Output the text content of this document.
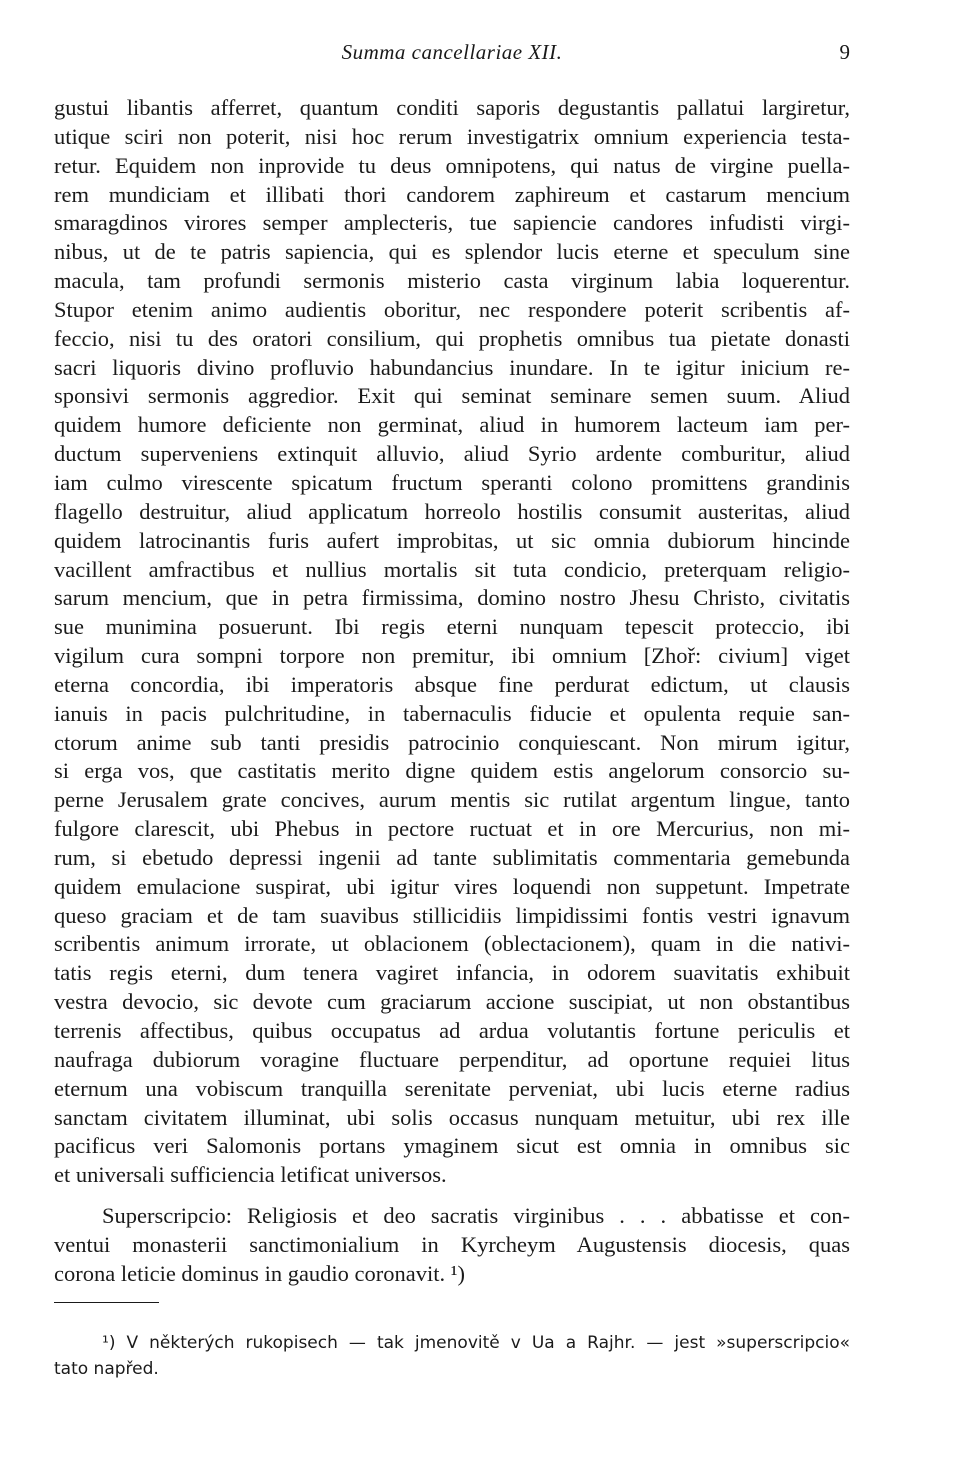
Summa cancellariae XII.	9
gustui libantis afferret, quantum conditi saporis degustantis pallatui largiretur,
utique sciri non poterit, nisi hoc rerum investigatrix omnium experiencia testa-
retur. Equidem non inprovide tu deus omnipotens, qui natus de virgine puella-
rem mundiciam et illibati thori candorem zaphireum et castarum mencium
smaragdinos virores semper amplecteris, tue sapiencie candores infudisti virgi-
nibus, ut de te patris sapiencia, qui es splendor lucis eterne et speculum sine
macula, tam profundi sermonis misterio casta virginum labia loquerentur.
Stupor etenim animo audientis oboritur, nec respondere poterit scribentis af-
feccio, nisi tu des oratori consilium, qui prophetis omnibus tua pietate donasti
sacri liquoris divino profluvio habundancius inundare. In te igitur inicium re-
sponsivi sermonis aggredior. Exit qui seminat seminare semen suum. Aliud
quidem humore deficiente non germinat, aliud in humorem lacteum iam per-
ductum superveniens extinquit alluvio, aliud Syrio ardente comburitur, aliud
iam culmo virescente spicatum fructum speranti colono promittens grandinis
flagello destruitur, aliud applicatum horreolo hostilis consumit austeritas, aliud
quidem latrocinantis furis aufert improbitas, ut sic omnia dubiorum hincinde
vacillent amfractibus et nullius mortalis sit tuta condicio, preterquam religio-
sarum mencium, que in petra firmissima, domino nostro Jhesu Christo, civitatis
sue munimina posuerunt. Ibi regis eterni nunquam tepescit proteccio, ibi
vigilum cura sompni torpore non premitur, ibi omnium [Zhoř: civium] viget
eterna concordia, ibi imperatoris absque fine perdurat edictum, ut clausis
ianuis in pacis pulchritudine, in tabernaculis fiducie et opulenta requie san-
ctorum anime sub tanti presidis patrocinio conquiescant. Non mirum igitur,
si erga vos, que castitatis merito digne quidem estis angelorum consorcio su-
perne Jerusalem grate concives, aurum mentis sic rutilat argentum lingue, tanto
fulgore clarescit, ubi Phebus in pectore ructuat et in ore Mercurius, non mi-
rum, si ebetudo depressi ingenii ad tante sublimitatis commentaria gemebunda
quidem emulacione suspirat, ubi igitur vires loquendi non suppetunt. Impetrate
queso graciam et de tam suavibus stillicidiis limpidissimi fontis vestri ignavum
scribentis animum irrorate, ut oblacionem (oblectacionem), quam in die nativi-
tatis regis eterni, dum tenera vagiret infancia, in odorem suavitatis exhibuit
vestra devocio, sic devote cum graciarum accione suscipiat, ut non obstantibus
terrenis affectibus, quibus occupatus ad ardua volutantis fortune periculis et
naufraga dubiorum voragine fluctuare perpenditur, ad oportune requiei litus
eternum una vobiscum tranquilla serenitate perveniat, ubi lucis eterne radius
sanctam civitatem illuminat, ubi solis occasus nunquam metuitur, ubi rex ille
pacificus veri Salomonis portans ymaginem sicut est omnia in omnibus sic
et universali sufficiencia letificat universos.
Superscripcio: Religiosis et deo sacratis virginibus . . . abbatisse et con-
ventui monasterii sanctimonialium in Kyrcheym Augustensis diocesis, quas
corona leticie dominus in gaudio coronavit. ¹)
¹) V některých rukopisech — tak jmenovitě v Ua a Rajhr. — jest »superscripcio«
tato napřed.
